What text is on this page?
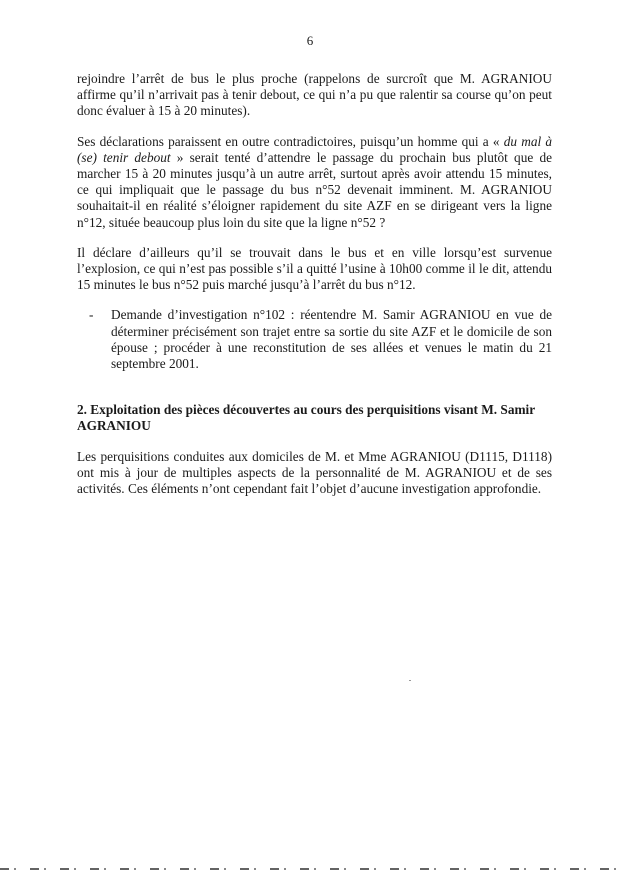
6

rejoindre l’arrêt de bus le plus proche (rappelons de surcroît que M. AGRANIOU affirme qu’il n’arrivait pas à tenir debout, ce qui n’a pu que ralentir sa course qu’on peut donc évaluer à 15 à 20 minutes).

Ses déclarations paraissent en outre contradictoires, puisqu’un homme qui a « du mal à (se) tenir debout » serait tenté d’attendre le passage du prochain bus plutôt que de marcher 15 à 20 minutes jusqu’à un autre arrêt, surtout après avoir attendu 15 minutes, ce qui impliquait que le passage du bus n°52 devenait imminent. M. AGRANIOU souhaitait-il en réalité s’éloigner rapidement du site AZF en se dirigeant vers la ligne n°12, située beaucoup plus loin du site que la ligne n°52 ?

Il déclare d’ailleurs qu’il se trouvait dans le bus et en ville lorsqu’est survenue l’explosion, ce qui n’est pas possible s’il a quitté l’usine à 10h00 comme il le dit, attendu 15 minutes le bus n°52 puis marché jusqu’à l’arrêt du bus n°12.

-	Demande d’investigation n°102 : réentendre M. Samir AGRANIOU en vue de déterminer précisément son trajet entre sa sortie du site AZF et le domicile de son épouse ; procéder à une reconstitution de ses allées et venues le matin du 21 septembre 2001.
2. Exploitation des pièces découvertes au cours des perquisitions visant M. Samir AGRANIOU

Les perquisitions conduites aux domiciles de M. et Mme AGRANIOU (D1115, D1118) ont mis à jour de multiples aspects de la personnalité de M. AGRANIOU et de ses activités. Ces éléments n’ont cependant fait l’objet d’aucune investigation approfondie.
